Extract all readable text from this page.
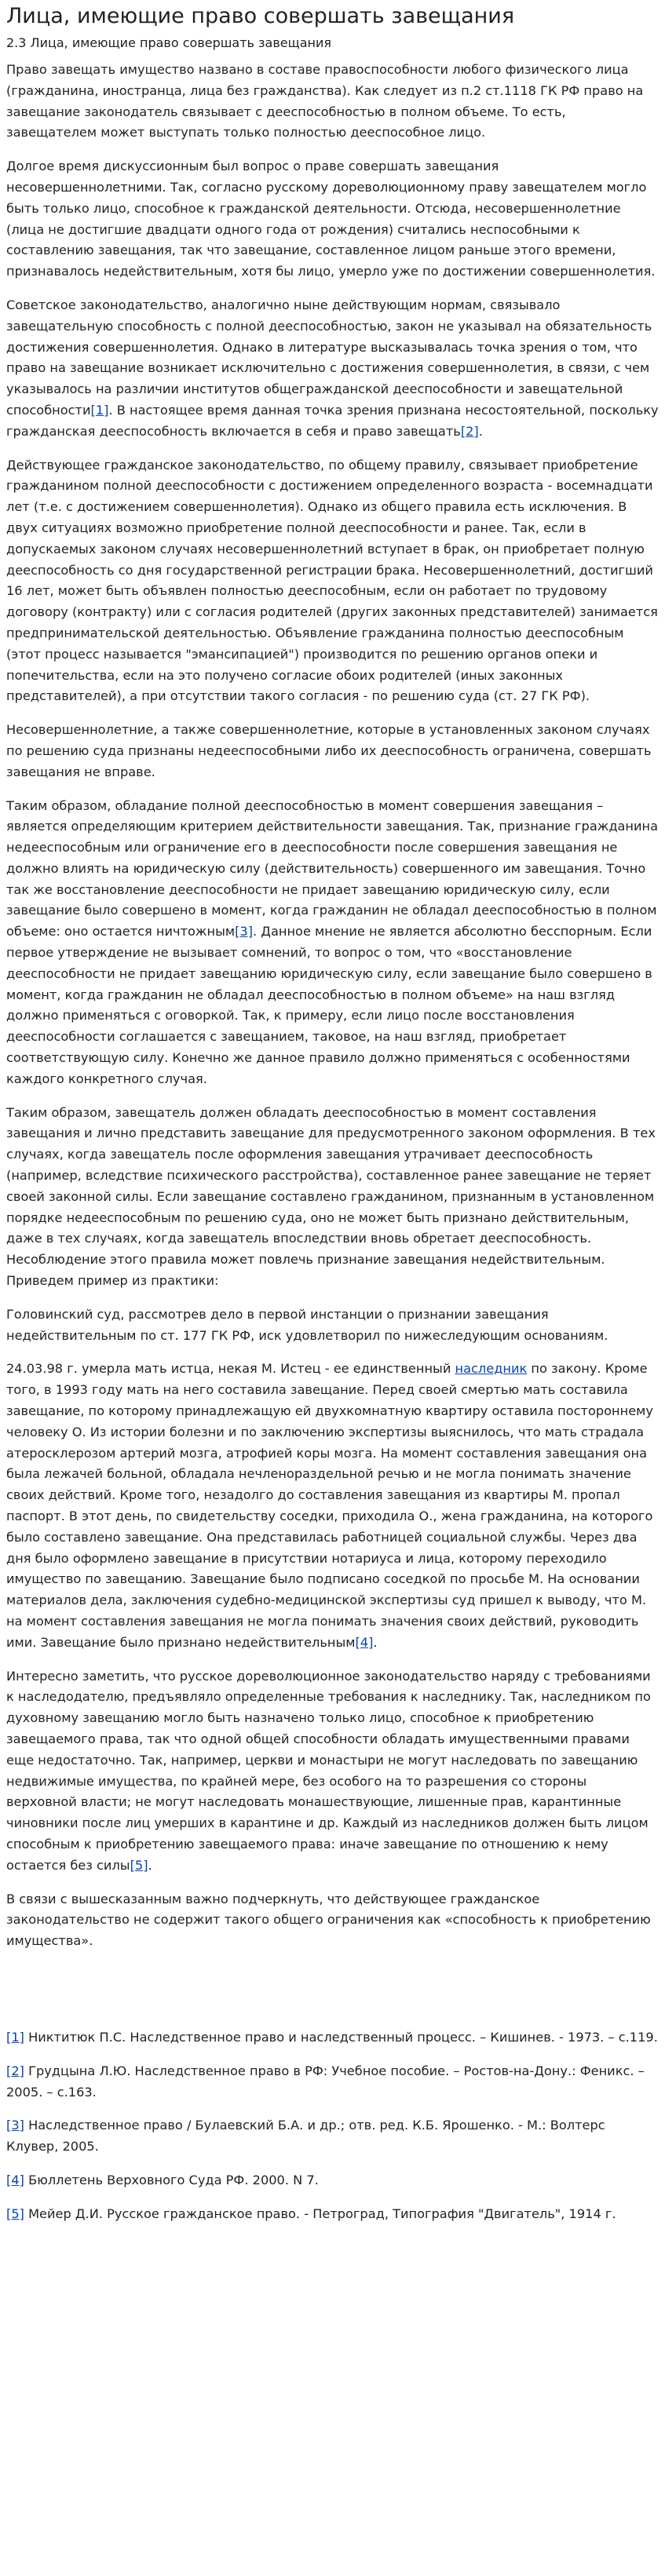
Лица, имеющие право совершать завещания
2.3 Лица, имеющие право совершать завещания

Право завещать имущество названо в составе правоспособности любого физического лица (гражданина, иностранца, лица без гражданства). Как следует из п.2 ст.1118 ГК РФ право на завещание законодатель связывает с дееспособностью в полном объеме. То есть, завещателем может выступать только полностью дееспособное лицо.

Долгое время дискуссионным был вопрос о праве совершать завещания несовершеннолетними. Так, согласно русскому дореволюционному праву завещателем могло быть только лицо, способное к гражданской деятельности. Отсюда, несовершеннолетние (лица не достигшие двадцати одного года от рождения) считались неспособными к составлению завещания, так что завещание, составленное лицом раньше этого времени, признавалось недействительным, хотя бы лицо, умерло уже по достижении совершеннолетия.

Советское законодательство, аналогично ныне действующим нормам, связывало завещательную способность с полной дееспособностью, закон не указывал на обязательность достижения совершеннолетия. Однако в литературе высказывалась точка зрения о том, что право на завещание возникает исключительно с достижения совершеннолетия, в связи, с чем указывалось на различии институтов общегражданской дееспособности и завещательной способности[1]. В настоящее время данная точка зрения признана несостоятельной, поскольку гражданская дееспособность включается в себя и право завещать[2].

Действующее гражданское законодательство, по общему правилу, связывает приобретение гражданином полной дееспособности с достижением определенного возраста - восемнадцати лет (т.е. с достижением совершеннолетия). Однако из общего правила есть исключения. В двух ситуациях возможно приобретение полной дееспособности и ранее. Так, если в допускаемых законом случаях несовершеннолетний вступает в брак, он приобретает полную дееспособность со дня государственной регистрации брака. Несовершеннолетний, достигший 16 лет, может быть объявлен полностью дееспособным, если он работает по трудовому договору (контракту) или с согласия родителей (других законных представителей) занимается предпринимательской деятельностью. Объявление гражданина полностью дееспособным (этот процесс называется "эмансипацией") производится по решению органов опеки и попечительства, если на это получено согласие обоих родителей (иных законных представителей), а при отсутствии такого согласия - по решению суда (ст. 27 ГК РФ).

Несовершеннолетние, а также совершеннолетние, которые в установленных законом случаях по решению суда признаны недееспособными либо их дееспособность ограничена, совершать завещания не вправе.

Таким образом, обладание полной дееспособностью в момент совершения завещания – является определяющим критерием действительности завещания. Так, признание гражданина недееспособным или ограничение его в дееспособности после совершения завещания не должно влиять на юридическую силу (действительность) совершенного им завещания. Точно так же восстановление дееспособности не придает завещанию юридическую силу, если завещание было совершено в момент, когда гражданин не обладал дееспособностью в полном объеме: оно остается ничтожным[3]. Данное мнение не является абсолютно бесспорным. Если первое утверждение не вызывает сомнений, то вопрос о том, что «восстановление дееспособности не придает завещанию юридическую силу, если завещание было совершено в момент, когда гражданин не обладал дееспособностью в полном объеме» на наш взгляд должно применяться с оговоркой. Так, к примеру, если лицо после восстановления дееспособности соглашается с завещанием, таковое, на наш взгляд, приобретает соответствующую силу. Конечно же данное правило должно применяться с особенностями каждого конкретного случая.

Таким образом, завещатель должен обладать дееспособностью в момент составления завещания и лично представить завещание для предусмотренного законом оформления. В тех случаях, когда завещатель после оформления завещания утрачивает дееспособность (например, вследствие психического расстройства), составленное ранее завещание не теряет своей законной силы. Если завещание составлено гражданином, признанным в установленном порядке недееспособным по решению суда, оно не может быть признано действительным, даже в тех случаях, когда завещатель впоследствии вновь обретает дееспособность. Несоблюдение этого правила может повлечь признание завещания недействительным. Приведем пример из практики:

Головинский суд, рассмотрев дело в первой инстанции о признании завещания недействительным по ст. 177 ГК РФ, иск удовлетворил по нижеследующим основаниям.

24.03.98 г. умерла мать истца, некая М. Истец - ее единственный наследник по закону. Кроме того, в 1993 году мать на него составила завещание. Перед своей смертью мать составила завещание, по которому принадлежащую ей двухкомнатную квартиру оставила постороннему человеку О. Из истории болезни и по заключению экспертизы выяснилось, что мать страдала атеросклерозом артерий мозга, атрофией коры мозга. На момент составления завещания она была лежачей больной, обладала нечленораздельной речью и не могла понимать значение своих действий. Кроме того, незадолго до составления завещания из квартиры М. пропал паспорт. В этот день, по свидетельству соседки, приходила О., жена гражданина, на которого было составлено завещание. Она представилась работницей социальной службы. Через два дня было оформлено завещание в присутствии нотариуса и лица, которому переходило имущество по завещанию. Завещание было подписано соседкой по просьбе М. На основании материалов дела, заключения судебно-медицинской экспертизы суд пришел к выводу, что М. на момент составления завещания не могла понимать значения своих действий, руководить ими. Завещание было признано недействительным[4].

Интересно заметить, что русское дореволюционное законодательство наряду с требованиями к наследодателю, предъявляло определенные требования к наследнику. Так, наследником по духовному завещанию могло быть назначено только лицо, способное к приобретению завещаемого права, так что одной общей способности обладать имущественными правами еще недостаточно. Так, например, церкви и монастыри не могут наследовать по завещанию недвижимые имущества, по крайней мере, без особого на то разрешения со стороны верховной власти; не могут наследовать монашествующие, лишенные прав, карантинные чиновники после лиц умерших в карантине и др. Каждый из наследников должен быть лицом способным к приобретению завещаемого права: иначе завещание по отношению к нему остается без силы[5].

В связи с вышесказанным важно подчеркнуть, что действующее гражданское законодательство не содержит такого общего ограничения как «способность к приобретению имущества».

[1] Никтитюк П.С. Наследственное право и наследственный процесс. – Кишинев. - 1973. – с.119.

[2] Грудцына Л.Ю. Наследственное право в РФ: Учебное пособие. – Ростов-на-Дону.: Феникс. – 2005. – с.163.

[3] Наследственное право / Булаевский Б.А. и др.; отв. ред. К.Б. Ярошенко. - М.: Волтерс Клувер, 2005.

[4] Бюллетень Верховного Суда РФ. 2000. N 7.

[5] Мейер Д.И. Русское гражданское право. - Петроград, Типография "Двигатель", 1914 г.
